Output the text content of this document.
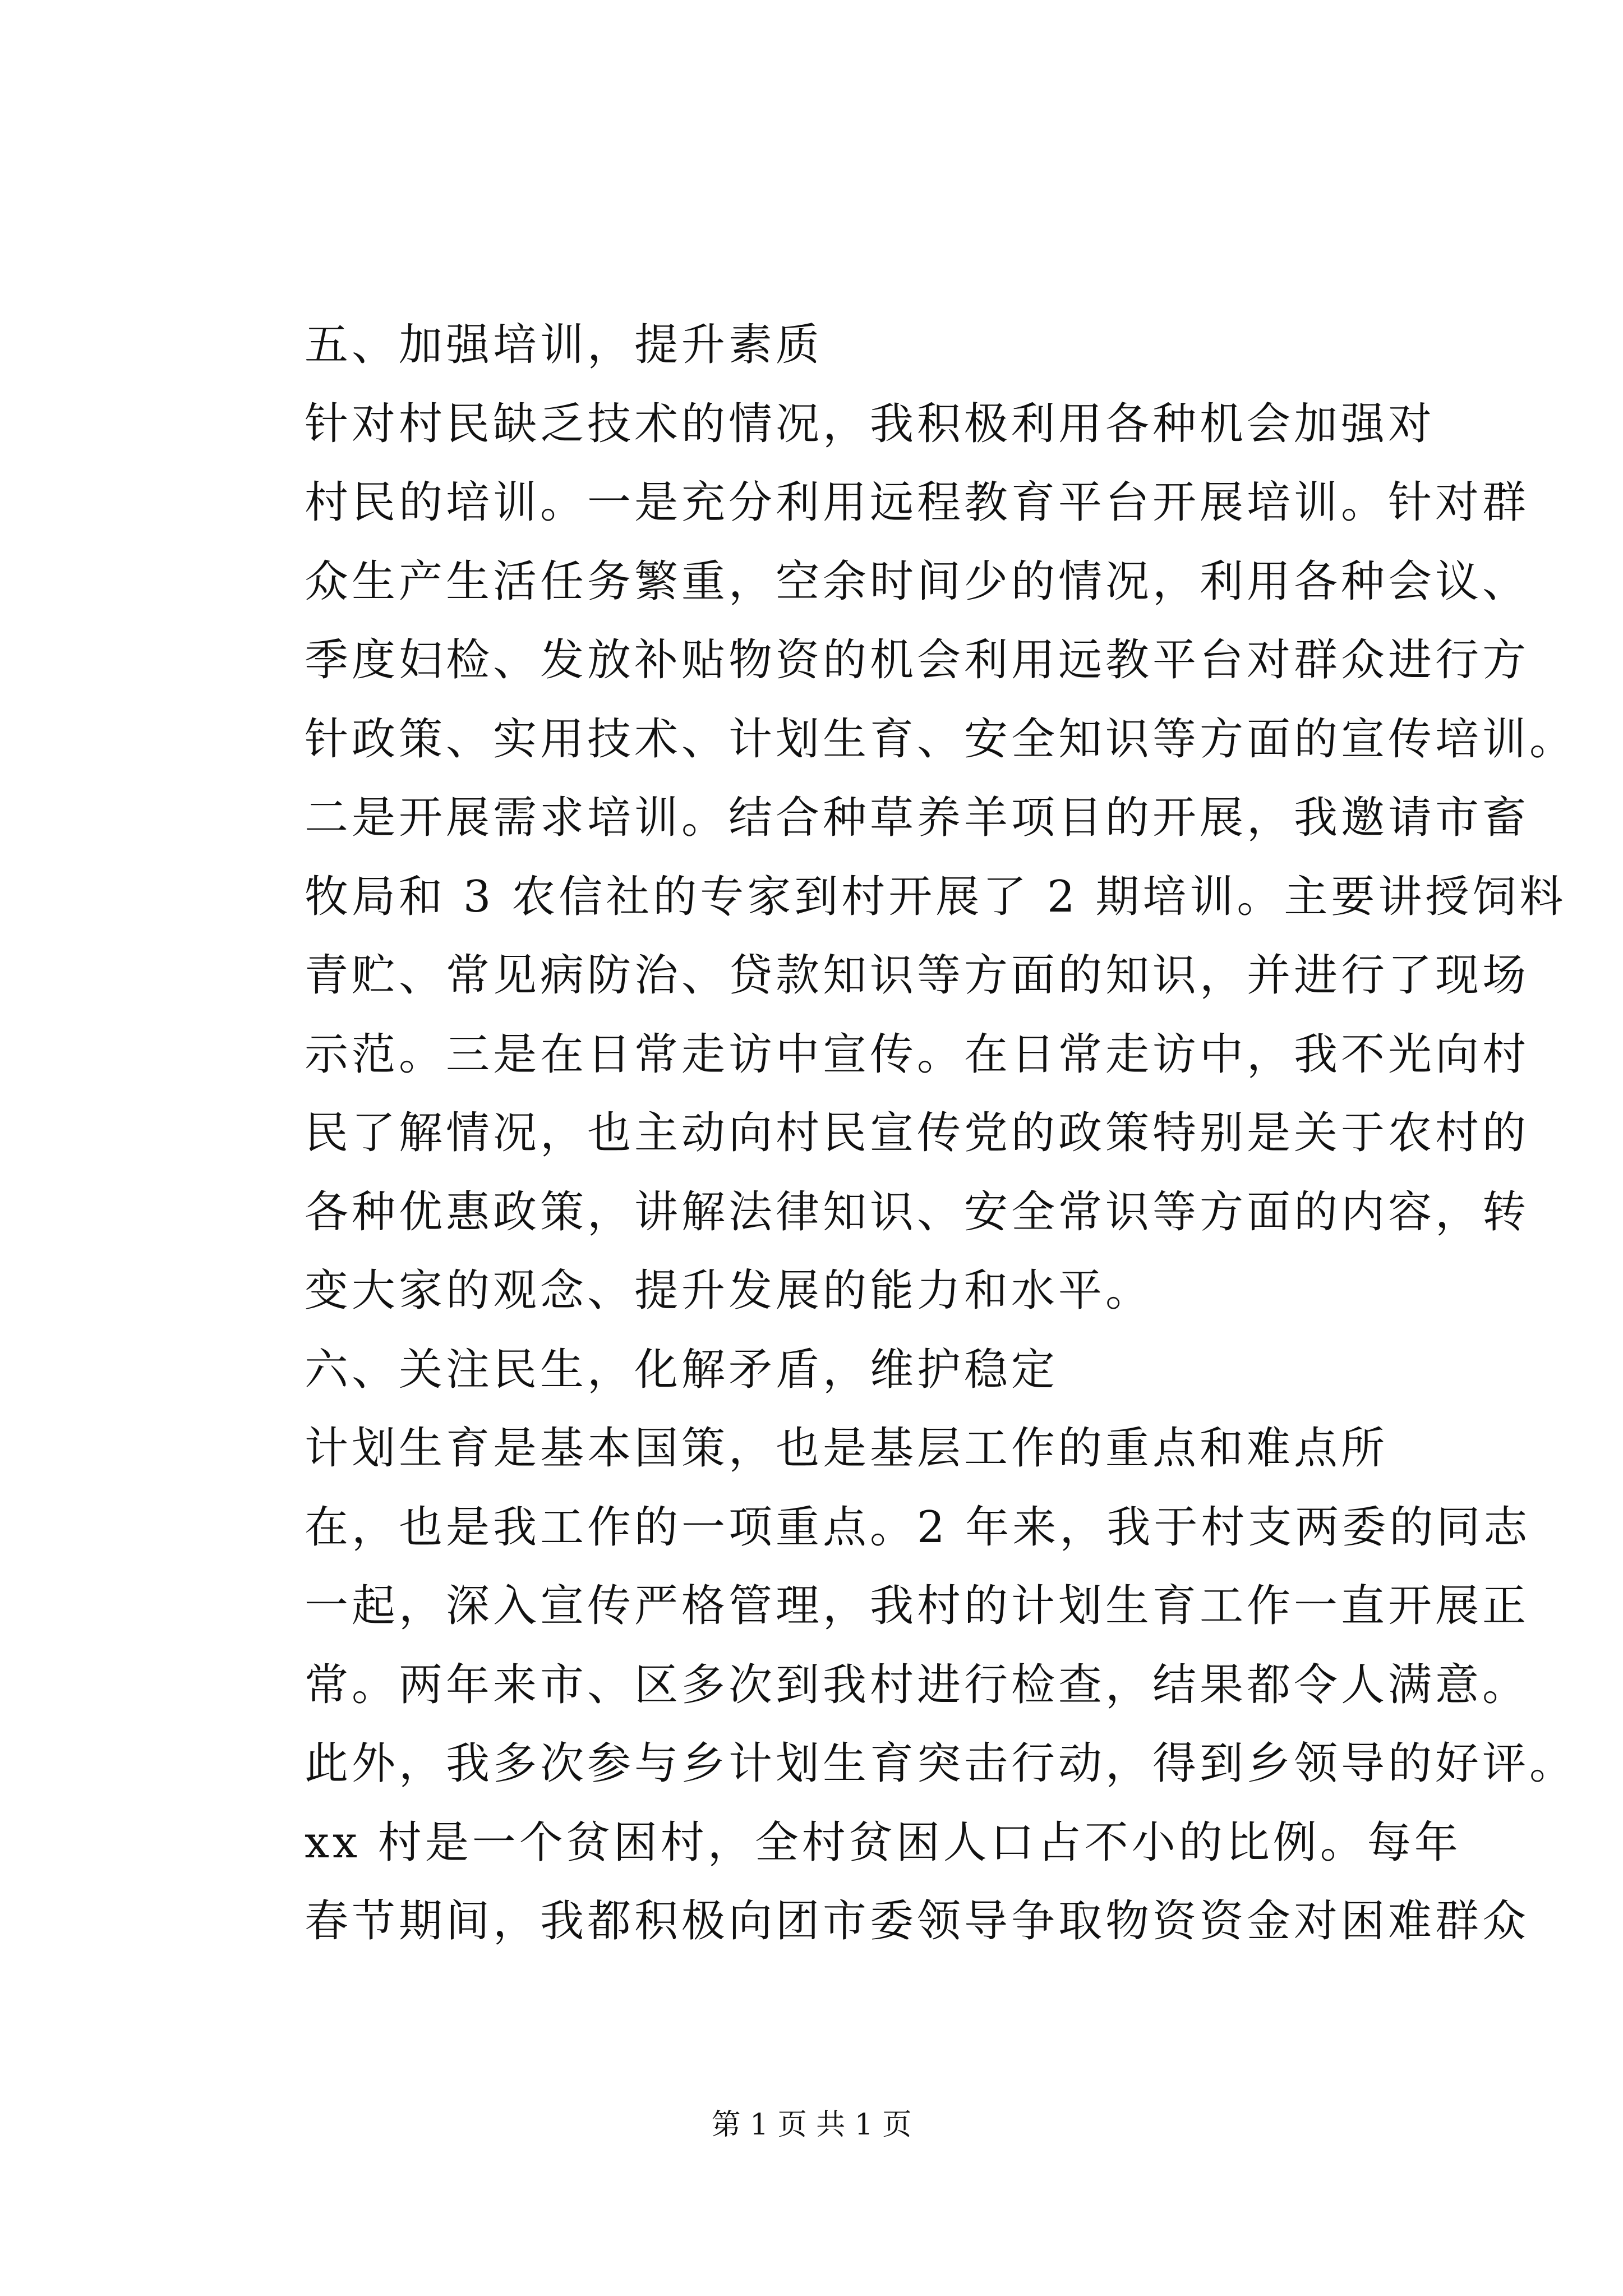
五、加强培训，提升素质
针对村民缺乏技术的情况，我积极利用各种机会加强对
村民的培训。一是充分利用远程教育平台开展培训。针对群
众生产生活任务繁重，空余时间少的情况，利用各种会议、
季度妇检、发放补贴物资的机会利用远教平台对群众进行方
针政策、实用技术、计划生育、安全知识等方面的宣传培训。
二是开展需求培训。结合种草养羊项目的开展，我邀请市畜
牧局和 3 农信社的专家到村开展了 2 期培训。主要讲授饲料
青贮、常见病防治、贷款知识等方面的知识，并进行了现场
示范。三是在日常走访中宣传。在日常走访中，我不光向村
民了解情况，也主动向村民宣传党的政策特别是关于农村的
各种优惠政策，讲解法律知识、安全常识等方面的内容，转
变大家的观念、提升发展的能力和水平。
六、关注民生，化解矛盾，维护稳定
计划生育是基本国策，也是基层工作的重点和难点所
在，也是我工作的一项重点。2 年来，我于村支两委的同志
一起，深入宣传严格管理，我村的计划生育工作一直开展正
常。两年来市、区多次到我村进行检查，结果都令人满意。
此外，我多次参与乡计划生育突击行动，得到乡领导的好评。
xx 村是一个贫困村，全村贫困人口占不小的比例。每年
春节期间，我都积极向团市委领导争取物资资金对困难群众
第 1 页 共 1 页
